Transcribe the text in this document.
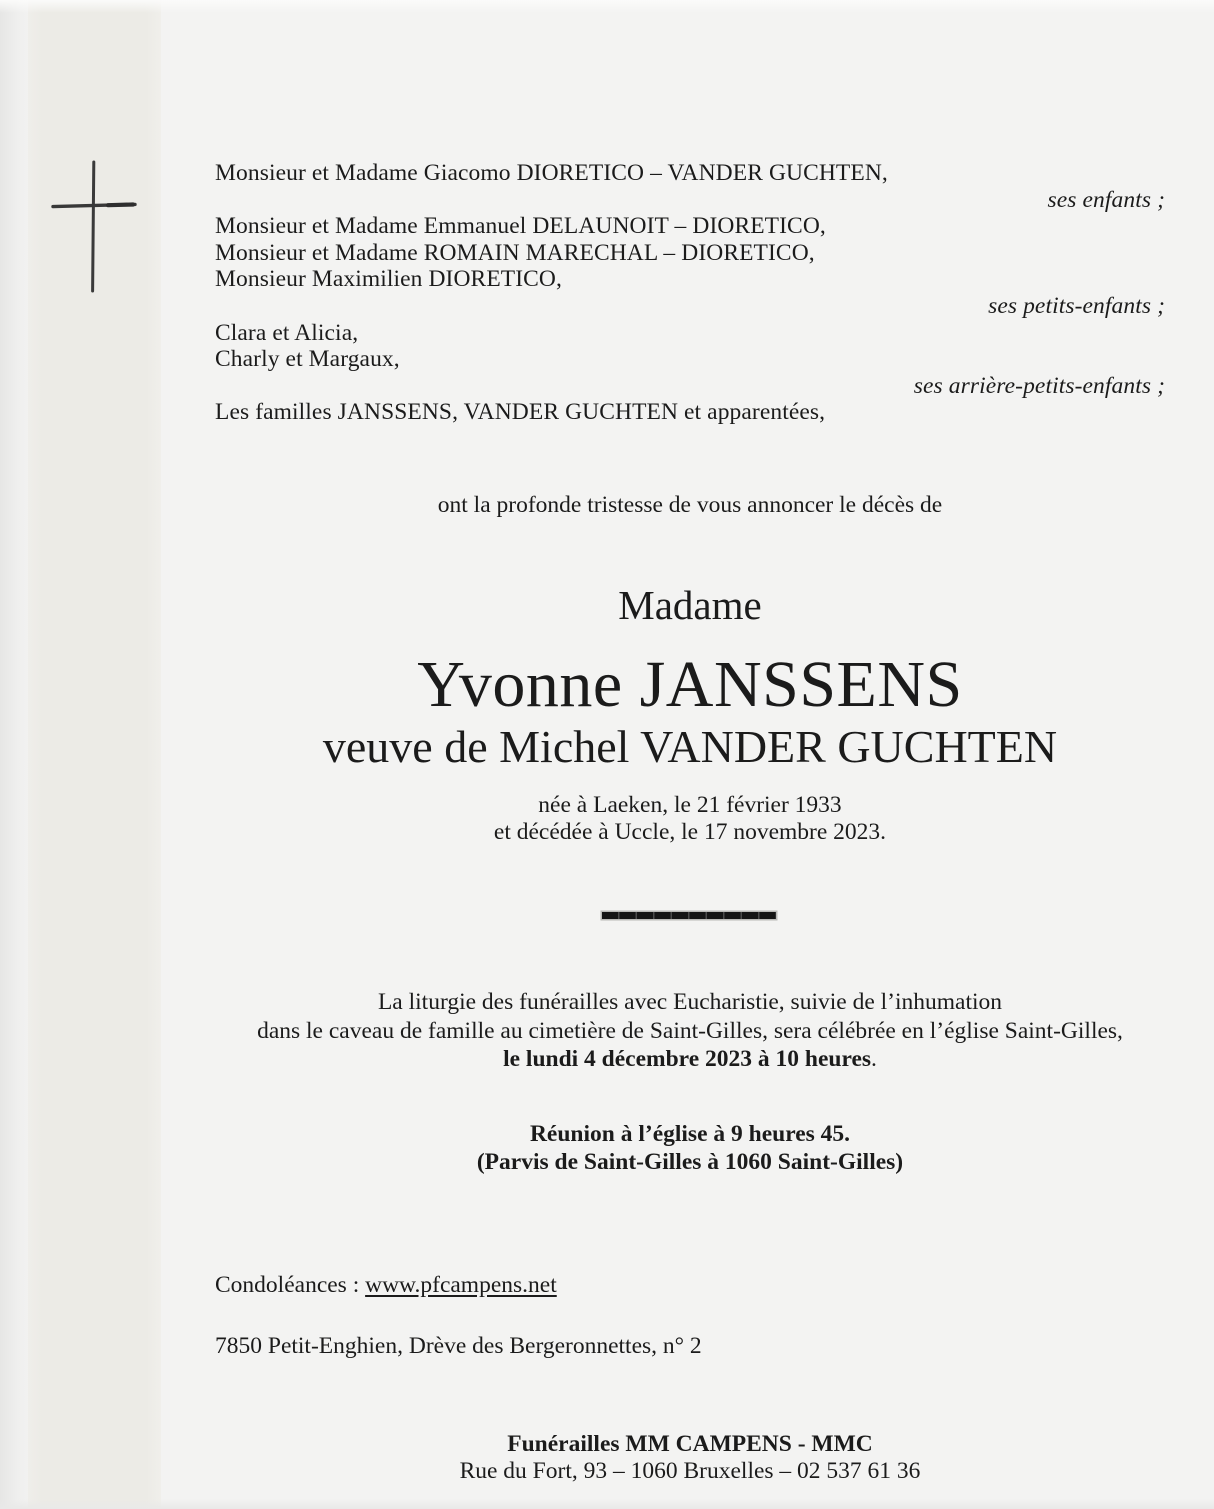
Monsieur et Madame Giacomo DIORETICO – VANDER GUCHTEN,
ses enfants ;
Monsieur et Madame Emmanuel DELAUNOIT – DIORETICO,
Monsieur et Madame ROMAIN MARECHAL – DIORETICO,
Monsieur Maximilien DIORETICO,
ses petits-enfants ;
Clara et Alicia,
Charly et Margaux,
ses arrière-petits-enfants ;
Les familles JANSSENS, VANDER GUCHTEN et apparentées,
ont la profonde tristesse de vous annoncer le décès de
Madame
Yvonne JANSSENS
veuve de Michel VANDER GUCHTEN
née à Laeken, le 21 février 1933
et décédée à Uccle, le 17 novembre 2023.
La liturgie des funérailles avec Eucharistie, suivie de l’inhumation
dans le caveau de famille au cimetière de Saint-Gilles, sera célébrée en l’église Saint-Gilles,
le lundi 4 décembre 2023 à 10 heures.
Réunion à l’église à 9 heures 45.
(Parvis de Saint-Gilles à 1060 Saint-Gilles)
Condoléances : www.pfcampens.net
7850 Petit-Enghien, Drève des Bergeronnettes, n° 2
Funérailles MM CAMPENS - MMC
Rue du Fort, 93 – 1060 Bruxelles – 02 537 61 36
